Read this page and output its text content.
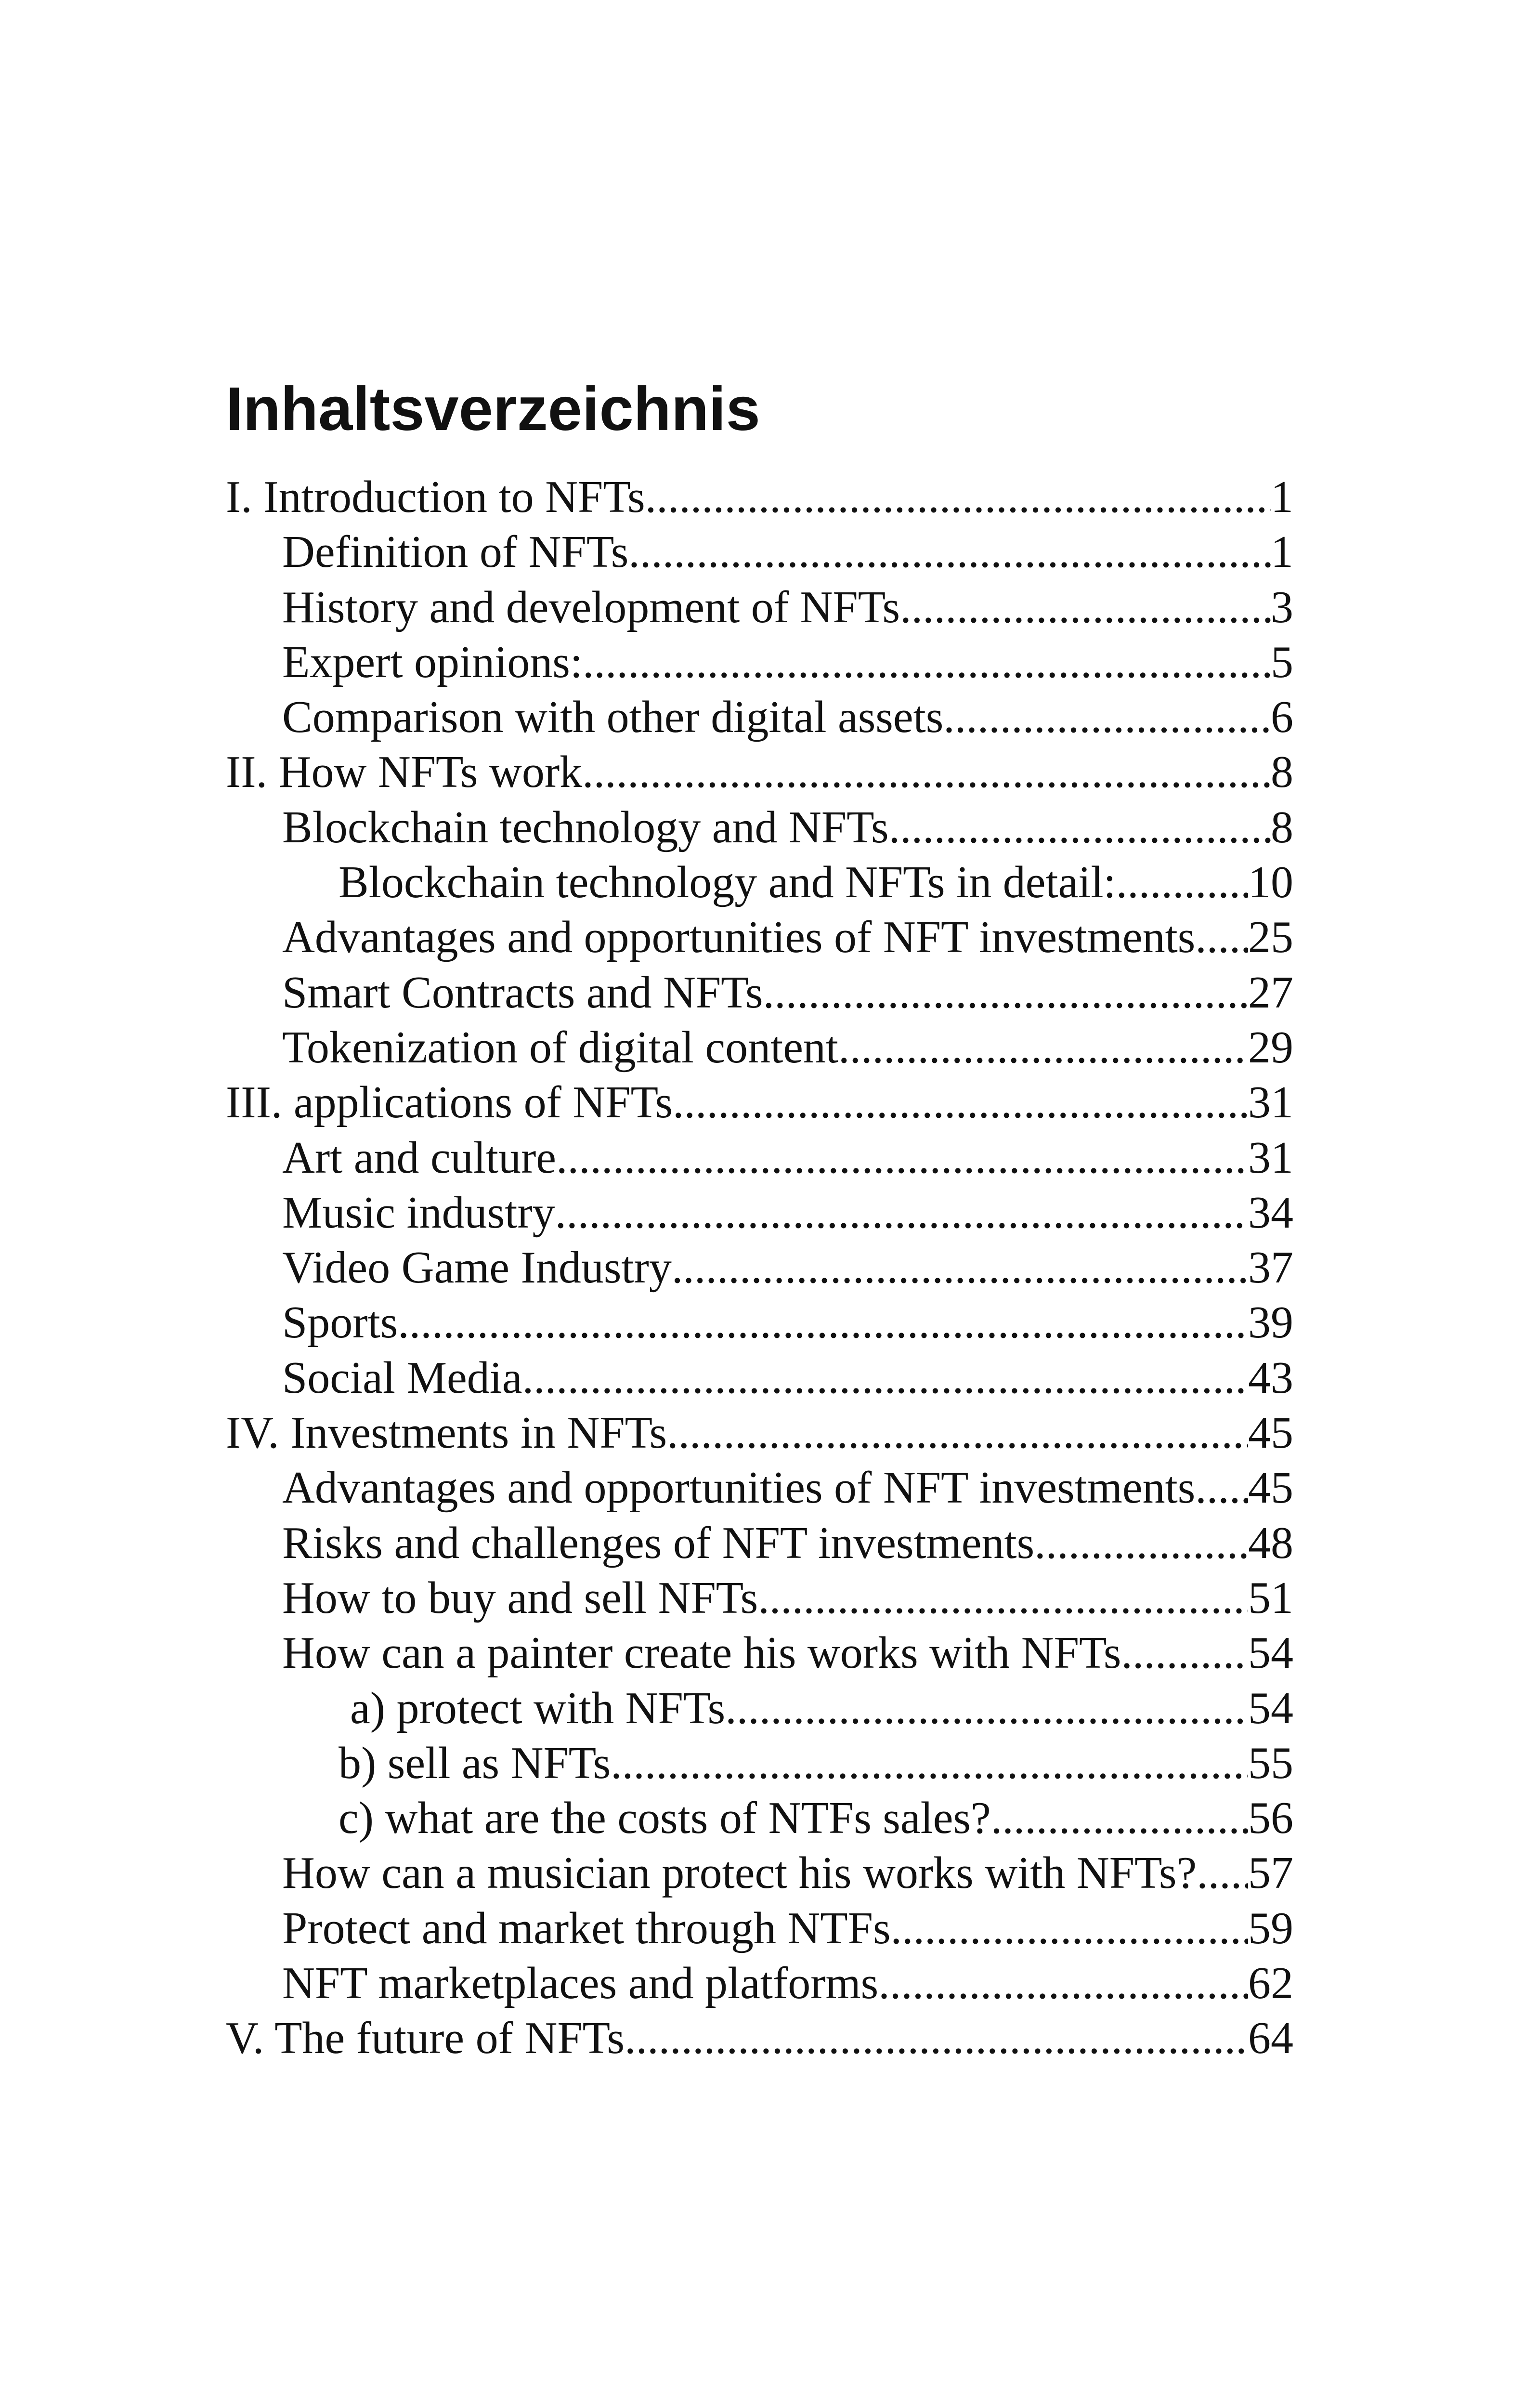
Inhaltsverzeichnis
I. Introduction to NFTs .....	1
Definition of NFTs .....	1
History and development of NFTs .....	3
Expert opinions: .....	5
Comparison with other digital assets .....	6
II. How NFTs work .....	8
Blockchain technology and NFTs .....	8
Blockchain technology and NFTs in detail: .....	10
Advantages and opportunities of NFT investments ..... 25
Smart Contracts and NFTs .....	27
Tokenization of digital content .....	29
III. applications of NFTs .....	31
Art and culture .....	31
Music industry .....	34
Video Game Industry .....	37
Sports .....	39
Social Media .....	43
IV. Investments in NFTs .....	45
Advantages and opportunities of NFT investments ..... 45
Risks and challenges of NFT investments .....	48
How to buy and sell NFTs .....	51
How can a painter create his works with NFTs .....	54
a) protect with NFTs .....	54
b) sell as NFTs .....	55
c) what are the costs of NTFs sales? .....	56
How can a musician protect his works with NFTs? ..... 57
Protect and market through NTFs .....	59
NFT marketplaces and platforms .....	62
V. The future of NFTs .....	64
